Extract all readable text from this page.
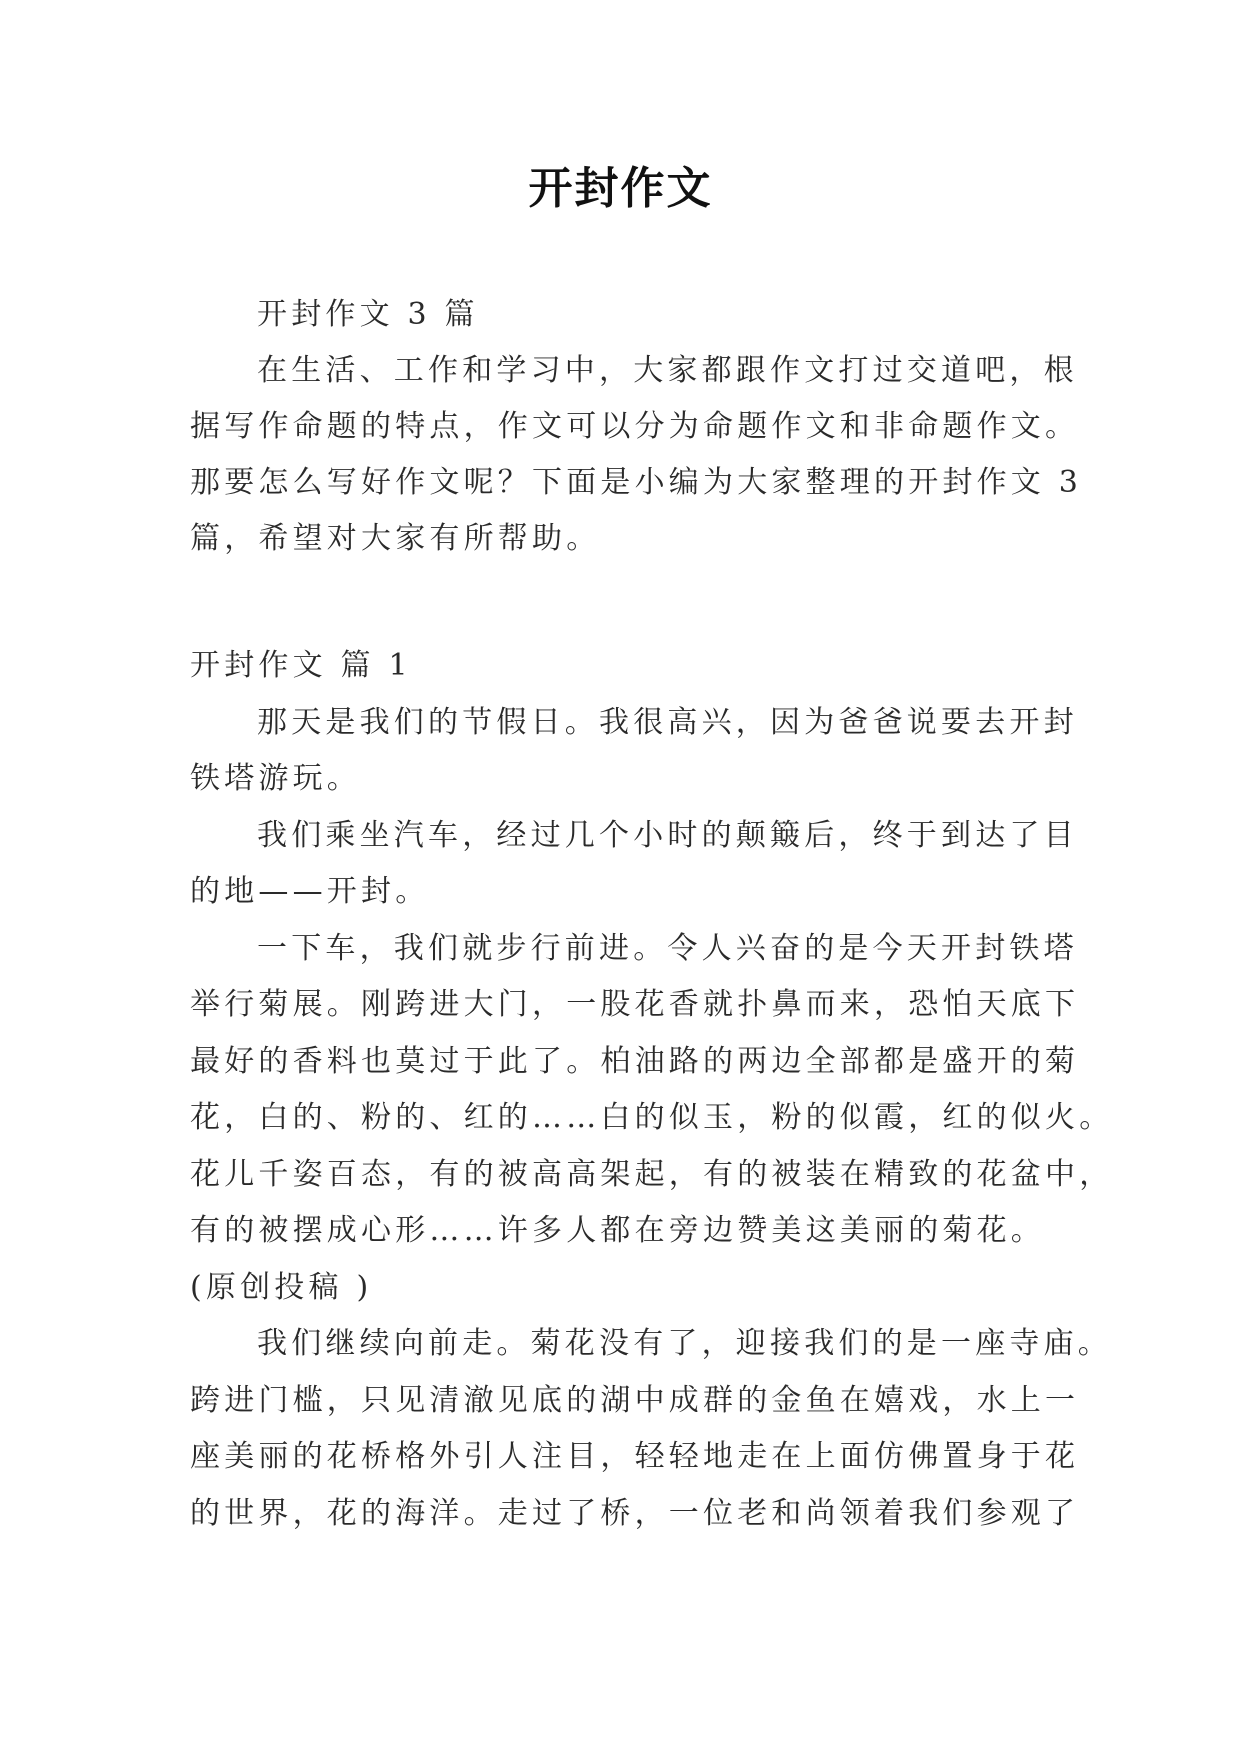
开封作文
开封作文 3 篇
在生活、工作和学习中，大家都跟作文打过交道吧，根
据写作命题的特点，作文可以分为命题作文和非命题作文。
那要怎么写好作文呢？下面是小编为大家整理的开封作文 3
篇，希望对大家有所帮助。
开封作文 篇 1
那天是我们的节假日。我很高兴，因为爸爸说要去开封
铁塔游玩。
我们乘坐汽车，经过几个小时的颠簸后，终于到达了目
的地——开封。
一下车，我们就步行前进。令人兴奋的是今天开封铁塔
举行菊展。刚跨进大门，一股花香就扑鼻而来，恐怕天底下
最好的香料也莫过于此了。柏油路的两边全部都是盛开的菊
花，白的、粉的、红的……白的似玉，粉的似霞，红的似火。
花儿千姿百态，有的被高高架起，有的被装在精致的花盆中，
有的被摆成心形……许多人都在旁边赞美这美丽的菊花。
(原创投稿 )
我们继续向前走。菊花没有了，迎接我们的是一座寺庙。
跨进门槛，只见清澈见底的湖中成群的金鱼在嬉戏，水上一
座美丽的花桥格外引人注目，轻轻地走在上面仿佛置身于花
的世界，花的海洋。走过了桥，一位老和尚领着我们参观了
